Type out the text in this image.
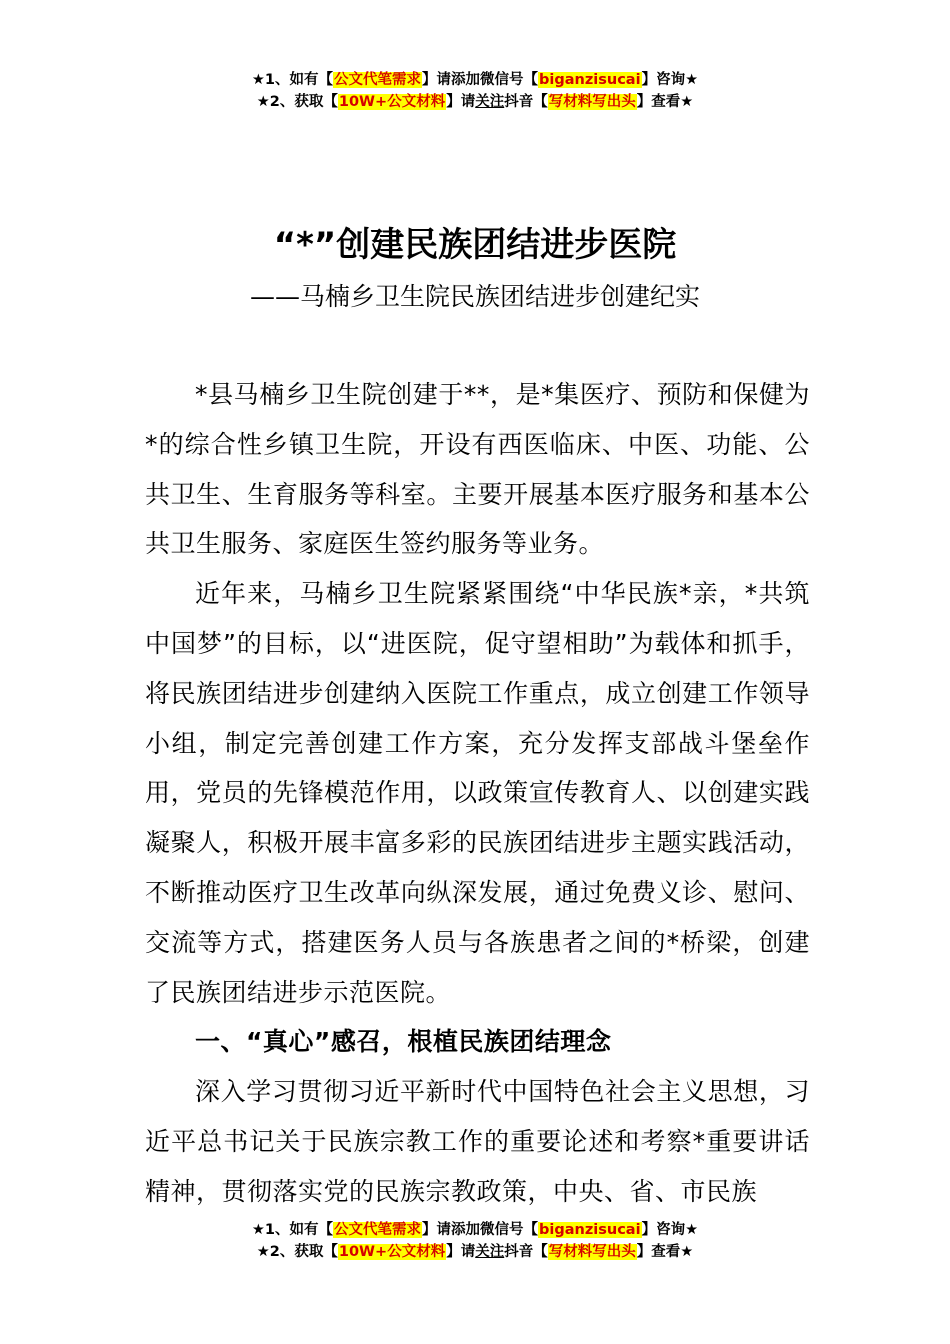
★1、如有【公文代笔需求】请添加微信号【biganzisucai】咨询★
★2、获取【10W+公文材料】请关注抖音【写材料写出头】查看★
“*”创建民族团结进步医院
——马楠乡卫生院民族团结进步创建纪实

*县马楠乡卫生院创建于**，是*集医疗、预防和保健为*的综合性乡镇卫生院，开设有西医临床、中医、功能、公共卫生、生育服务等科室。主要开展基本医疗服务和基本公共卫生服务、家庭医生签约服务等业务。

近年来，马楠乡卫生院紧紧围绕“中华民族*亲，*共筑中国梦”的目标，以“进医院，促守望相助”为载体和抓手，将民族团结进步创建纳入医院工作重点，成立创建工作领导小组，制定完善创建工作方案，充分发挥支部战斗堡垒作用，党员的先锋模范作用，以政策宣传教育人、以创建实践凝聚人，积极开展丰富多彩的民族团结进步主题实践活动，不断推动医疗卫生改革向纵深发展，通过免费义诊、慰问、交流等方式，搭建医务人员与各族患者之间的*桥梁，创建了民族团结进步示范医院。

一、“真心”感召，根植民族团结理念

深入学习贯彻习近平新时代中国特色社会主义思想，习近平总书记关于民族宗教工作的重要论述和考察*重要讲话精神，贯彻落实党的民族宗教政策，中央、省、市民族

★1、如有【公文代笔需求】请添加微信号【biganzisucai】咨询★
★2、获取【10W+公文材料】请关注抖音【写材料写出头】查看★
